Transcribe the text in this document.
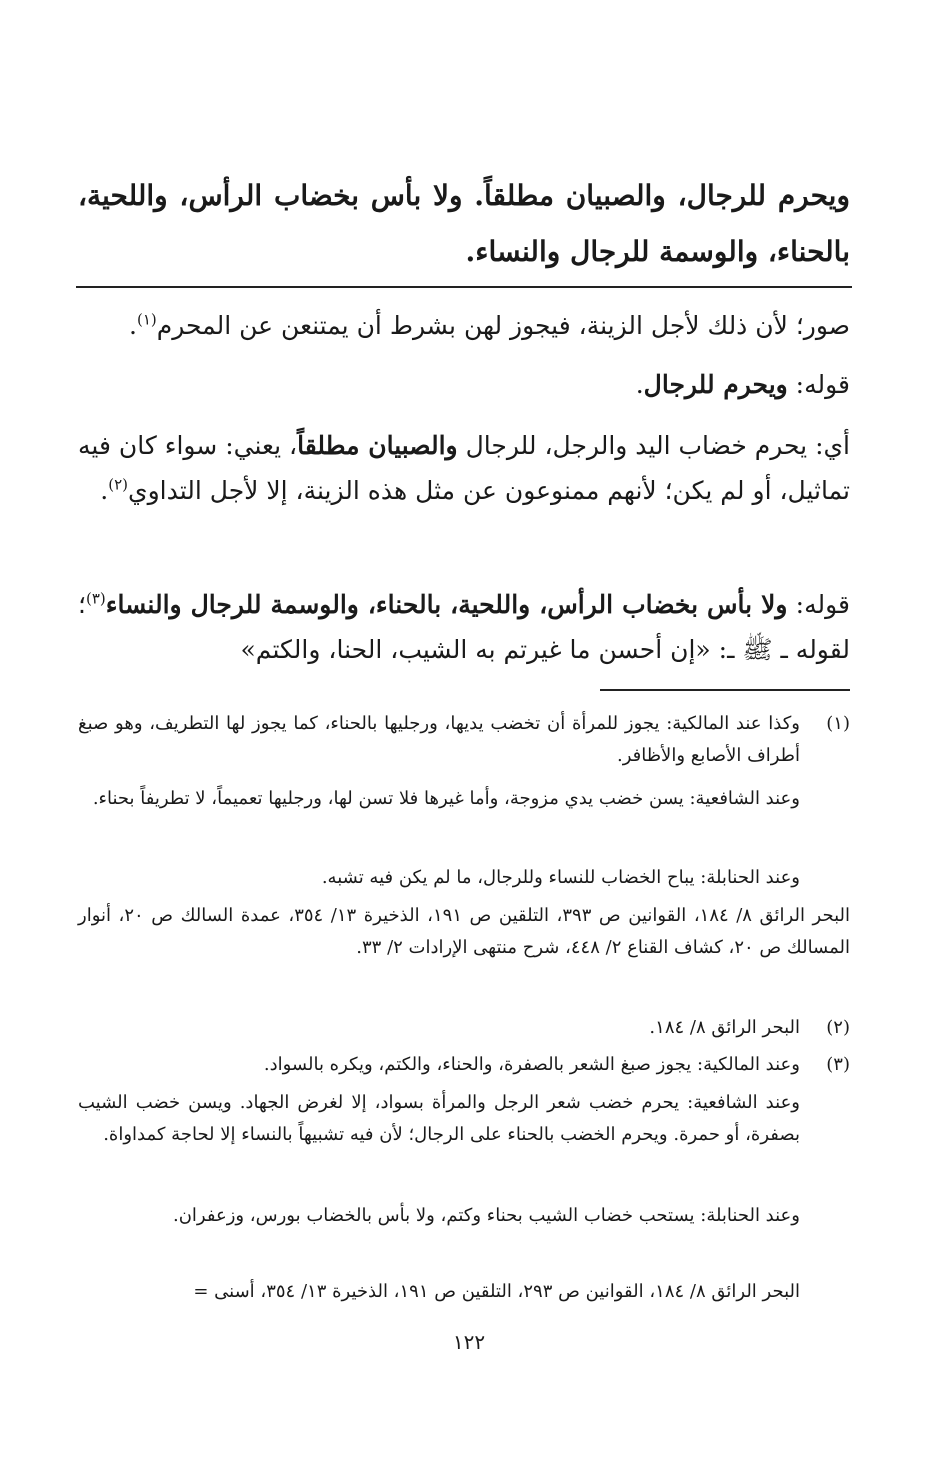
ويحرم للرجال، والصبيان مطلقاً. ولا بأس بخضاب الرأس، واللحية، بالحناء، والوسمة للرجال والنساء.
صور؛ لأن ذلك لأجل الزينة، فيجوز لهن بشرط أن يمتنعن عن المحرم$^{(١)}$.
قوله: ويحرم للرجال.
أي: يحرم خضاب اليد والرجل، للرجال والصبيان مطلقاً، يعني: سواء كان فيه تماثيل، أو لم يكن؛ لأنهم ممنوعون عن مثل هذه الزينة، إلا لأجل التداوي$^{(٢)}$.
قوله: ولا بأس بخضاب الرأس، واللحية، بالحناء، والوسمة للرجال والنساء$^{(٣)}$؛ لقوله ـ ﷺ ـ: «إن أحسن ما غيرتم به الشيب، الحنا، والكتم»
(١)
وكذا عند المالكية: يجوز للمرأة أن تخضب يديها، ورجليها بالحناء، كما يجوز لها التطريف، وهو صبغ أطراف الأصابع والأظافر.
وعند الشافعية: يسن خضب يدي مزوجة، وأما غيرها فلا تسن لها، ورجليها تعميماً، لا تطريفاً بحناء.
وعند الحنابلة: يباح الخضاب للنساء وللرجال، ما لم يكن فيه تشبه.
البحر الرائق ٨/ ١٨٤، القوانين ص ٣٩٣، التلقين ص ١٩١، الذخيرة ١٣/ ٣٥٤، عمدة السالك ص ٢٠، أنوار المسالك ص ٢٠، كشاف القناع ٢/ ٤٤٨، شرح منتهى الإرادات ٢/ ٣٣.
(٢)
البحر الرائق ٨/ ١٨٤.
(٣)
وعند المالكية: يجوز صبغ الشعر بالصفرة، والحناء، والكتم، ويكره بالسواد.
وعند الشافعية: يحرم خضب شعر الرجل والمرأة بسواد، إلا لغرض الجهاد. ويسن خضب الشيب بصفرة، أو حمرة. ويحرم الخضب بالحناء على الرجال؛ لأن فيه تشبيهاً بالنساء إلا لحاجة كمداواة.
وعند الحنابلة: يستحب خضاب الشيب بحناء وكتم، ولا بأس بالخضاب بورس، وزعفران.
البحر الرائق ٨/ ١٨٤، القوانين ص ٢٩٣، التلقين ص ١٩١، الذخيرة ١٣/ ٣٥٤، أسنى =
١٢٢
